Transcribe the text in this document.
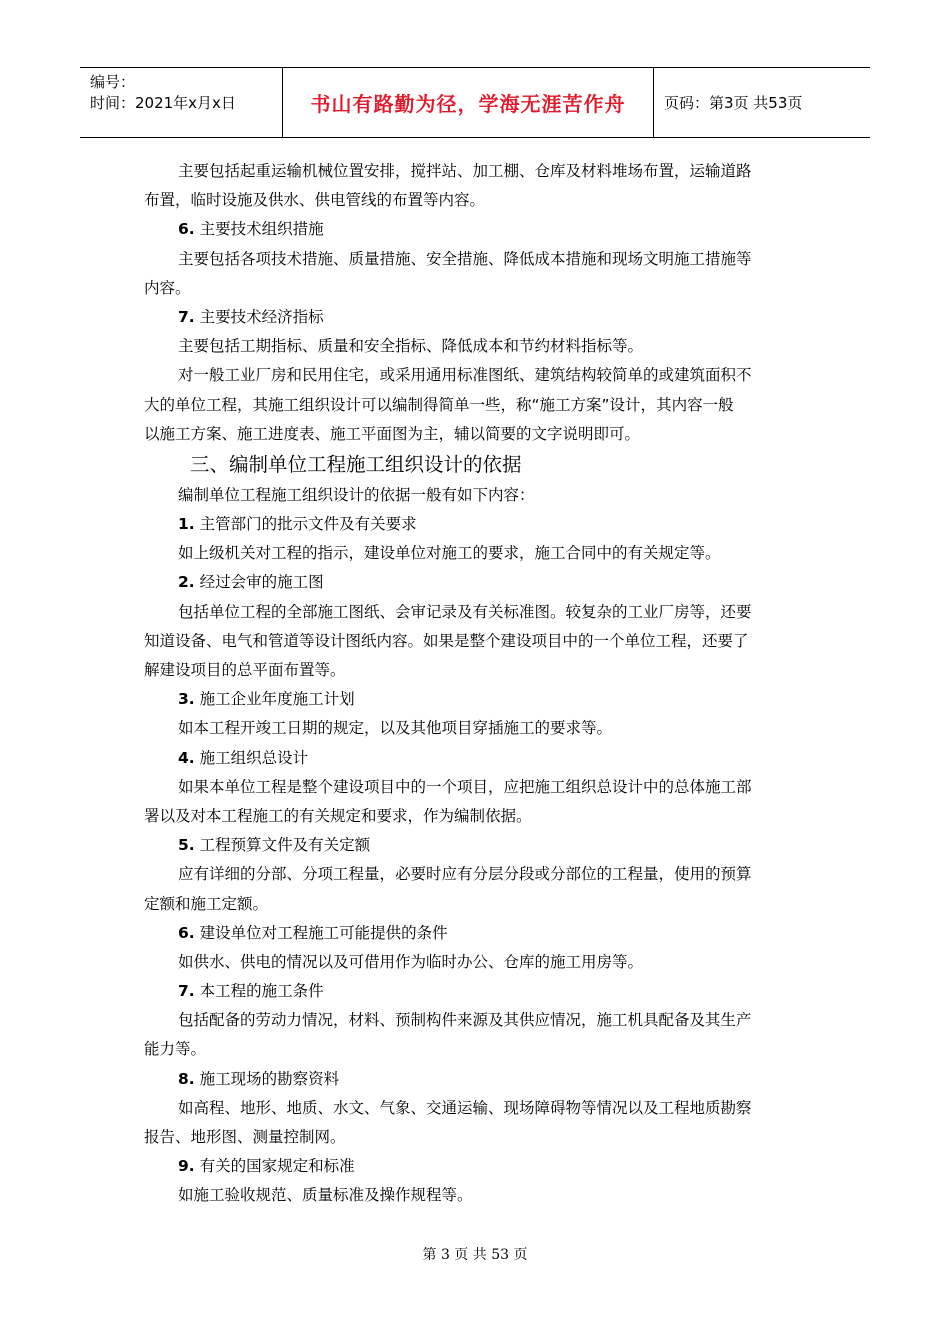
编号：
时间：2021年x月x日	书山有路勤为径，学海无涯苦作舟	页码：第3页 共53页
主要包括起重运输机械位置安排，搅拌站、加工棚、仓库及材料堆场布置，运输道路
布置，临时设施及供水、供电管线的布置等内容。
6. 主要技术组织措施
主要包括各项技术措施、质量措施、安全措施、降低成本措施和现场文明施工措施等
内容。
7. 主要技术经济指标
主要包括工期指标、质量和安全指标、降低成本和节约材料指标等。
对一般工业厂房和民用住宅，或采用通用标准图纸、建筑结构较简单的或建筑面积不
大的单位工程，其施工组织设计可以编制得简单一些，称“施工方案”设计，其内容一般
以施工方案、施工进度表、施工平面图为主，辅以简要的文字说明即可。
三、编制单位工程施工组织设计的依据
编制单位工程施工组织设计的依据一般有如下内容：
1. 主管部门的批示文件及有关要求
如上级机关对工程的指示，建设单位对施工的要求，施工合同中的有关规定等。
2. 经过会审的施工图
包括单位工程的全部施工图纸、会审记录及有关标准图。较复杂的工业厂房等，还要
知道设备、电气和管道等设计图纸内容。如果是整个建设项目中的一个单位工程，还要了
解建设项目的总平面布置等。
3. 施工企业年度施工计划
如本工程开竣工日期的规定，以及其他项目穿插施工的要求等。
4. 施工组织总设计
如果本单位工程是整个建设项目中的一个项目，应把施工组织总设计中的总体施工部
署以及对本工程施工的有关规定和要求，作为编制依据。
5. 工程预算文件及有关定额
应有详细的分部、分项工程量，必要时应有分层分段或分部位的工程量，使用的预算
定额和施工定额。
6. 建设单位对工程施工可能提供的条件
如供水、供电的情况以及可借用作为临时办公、仓库的施工用房等。
7. 本工程的施工条件
包括配备的劳动力情况，材料、预制构件来源及其供应情况，施工机具配备及其生产
能力等。
8. 施工现场的勘察资料
如高程、地形、地质、水文、气象、交通运输、现场障碍物等情况以及工程地质勘察
报告、地形图、测量控制网。
9. 有关的国家规定和标准
如施工验收规范、质量标准及操作规程等。
第 3 页 共 53 页
